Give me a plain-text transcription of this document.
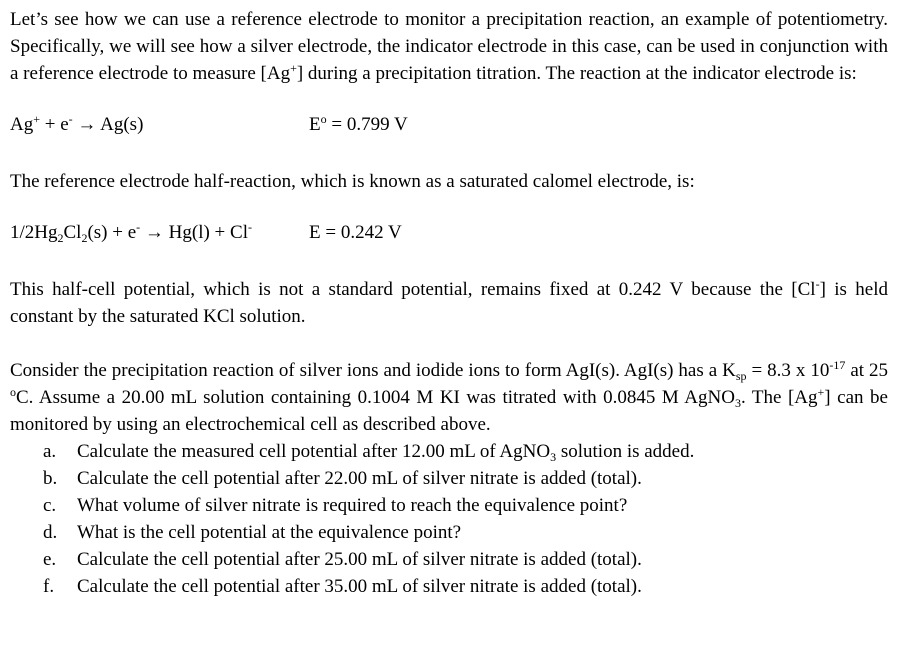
Let’s see how we can use a reference electrode to monitor a precipitation reaction, an example of potentiometry. Specifically, we will see how a silver electrode, the indicator electrode in this case, can be used in conjunction with a reference electrode to measure [Ag+] during a precipitation titration. The reaction at the indicator electrode is:

Ag+ + e- → Ag(s)	$E^o = 0.799$ V

The reference electrode half-reaction, which is known as a saturated calomel electrode, is:

$1/2Hg_2Cl_2(s) + e^- \to Hg(l) + Cl^-$	E = 0.242 V

This half-cell potential, which is not a standard potential, remains fixed at 0.242 V because the [Cl-] is held constant by the saturated KCl solution.

Consider the precipitation reaction of silver ions and iodide ions to form AgI(s). AgI(s) has a $K_{sp} = 8.3$ x $10^{-17}$ at 25 $^o$C. Assume a 20.00 mL solution containing 0.1004 M KI was titrated with 0.0845 M AgNO$_3$. The [Ag+] can be monitored by using an electrochemical cell as described above.

a. Calculate the measured cell potential after 12.00 mL of AgNO$_3$ solution is added.
b. Calculate the cell potential after 22.00 mL of silver nitrate is added (total).
c. What volume of silver nitrate is required to reach the equivalence point?
d. What is the cell potential at the equivalence point?
e. Calculate the cell potential after 25.00 mL of silver nitrate is added (total).
f. Calculate the cell potential after 35.00 mL of silver nitrate is added (total).
